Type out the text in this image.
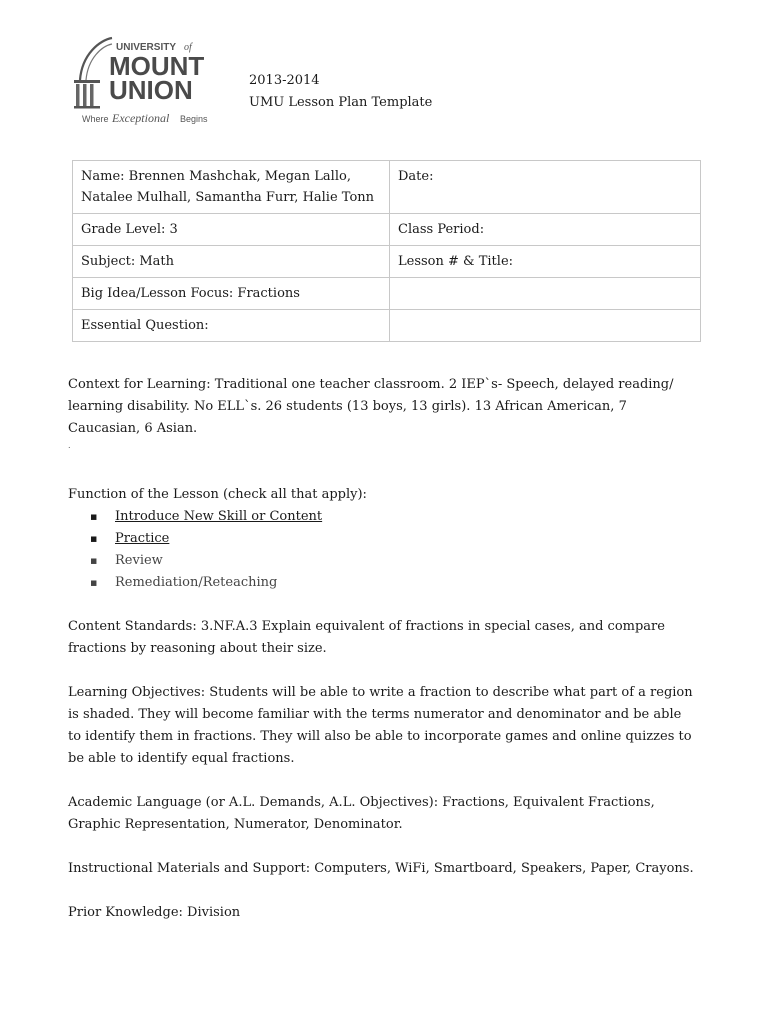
UNIVERSITY of
MOUNT
UNION
Where Exceptional Begins
2013-2014
UMU Lesson Plan Template
Name: Brennen Mashchak, Megan Lallo,
Natalee Mulhall, Samantha Furr, Halie Tonn	Date:
Grade Level: 3	Class Period:
Subject: Math	Lesson # & Title:
Big Idea/Lesson Focus: Fractions	
Essential Question:	

Context for Learning: Traditional one teacher classroom. 2 IEP`s- Speech, delayed reading/ learning disability. No ELL`s. 26 students (13 boys, 13 girls). 13 African American, 7 Caucasian, 6 Asian.

.

Function of the Lesson (check all that apply):

▪ Introduce New Skill or Content
▪ Practice
▪ Review
▪ Remediation/Reteaching

Content Standards: 3.NF.A.3 Explain equivalent of fractions in special cases, and compare fractions by reasoning about their size.

Learning Objectives: Students will be able to write a fraction to describe what part of a region is shaded. They will become familiar with the terms numerator and denominator and be able to identify them in fractions. They will also be able to incorporate games and online quizzes to be able to identify equal fractions.

Academic Language (or A.L. Demands, A.L. Objectives): Fractions, Equivalent Fractions, Graphic Representation, Numerator, Denominator.

Instructional Materials and Support: Computers, WiFi, Smartboard, Speakers, Paper, Crayons.

Prior Knowledge: Division
